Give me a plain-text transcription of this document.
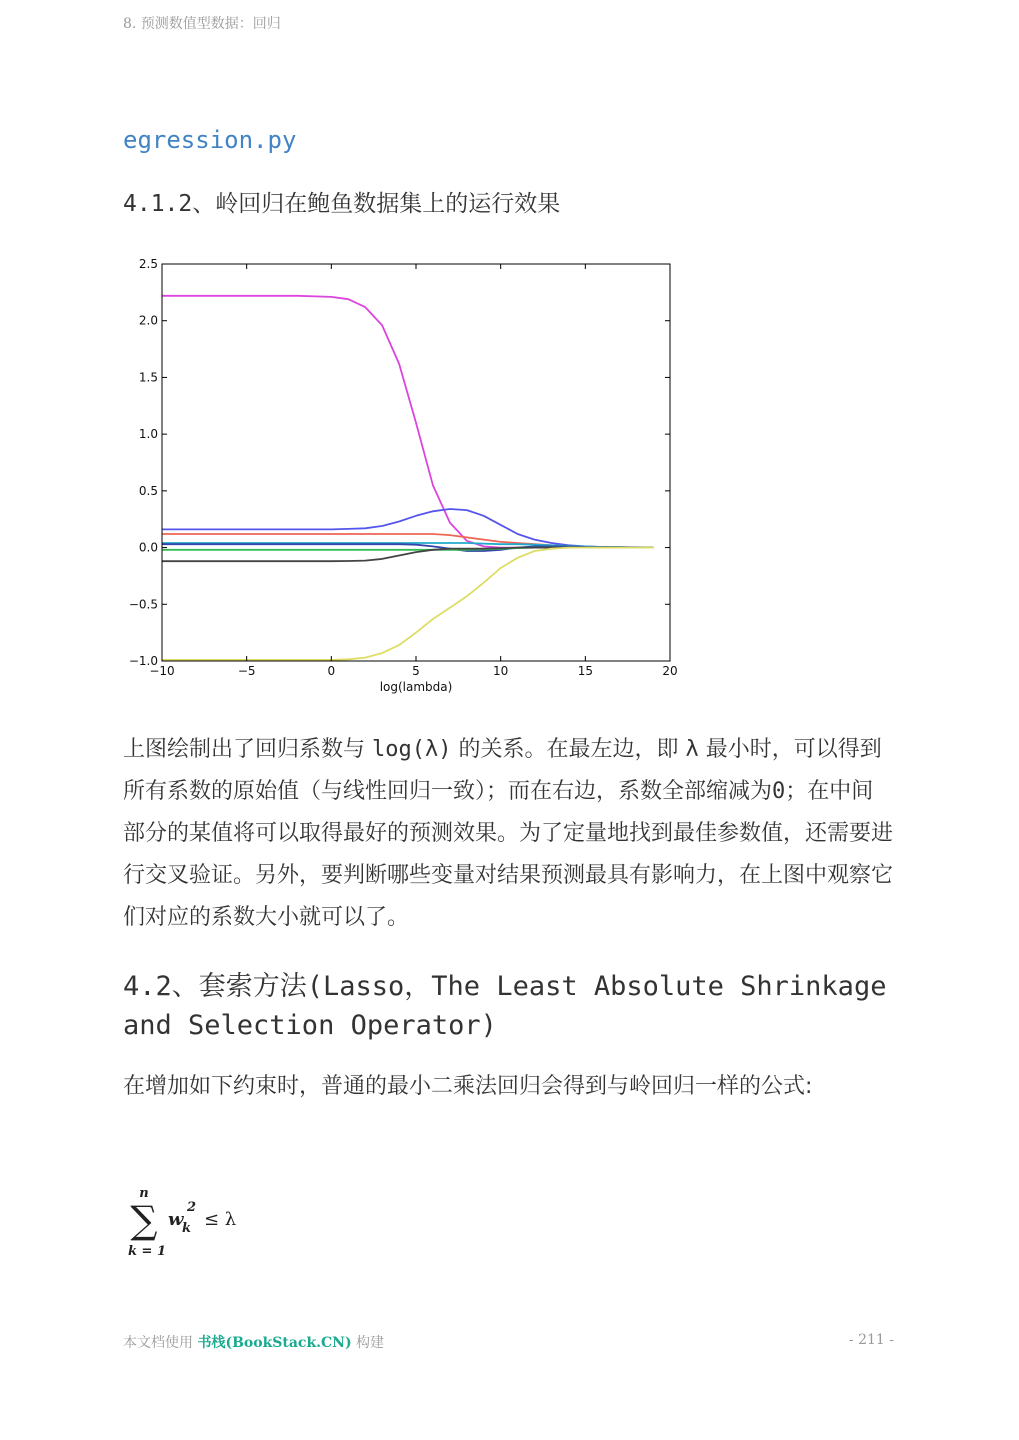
8. 预测数值型数据：回归
egression.py
4.1.2、岭回归在鲍鱼数据集上的运行效果
−10	−5	0	5	10	15	20
−1.0
−0.5
0.0
0.5
1.0
1.5
2.0
2.5
log(lambda)
上图绘制出了回归系数与 log(λ) 的关系。在最左边，即 λ 最小时，可以得到所有系数的原始值（与线性回归一致）；而在右边，系数全部缩减为0；在中间部分的某值将可以取得最好的预测效果。为了定量地找到最佳参数值，还需要进行交叉验证。另外，要判断哪些变量对结果预测最具有影响力，在上图中观察它们对应的系数大小就可以了。
4.2、套索方法(Lasso，The Least Absolute Shrinkage and Selection Operator)
在增加如下约束时，普通的最小二乘法回归会得到与岭回归一样的公式:
n
∑
k = 1
w
k
2
≤ λ
本文档使用 书栈(BookStack.CN) 构建	- 211 -
